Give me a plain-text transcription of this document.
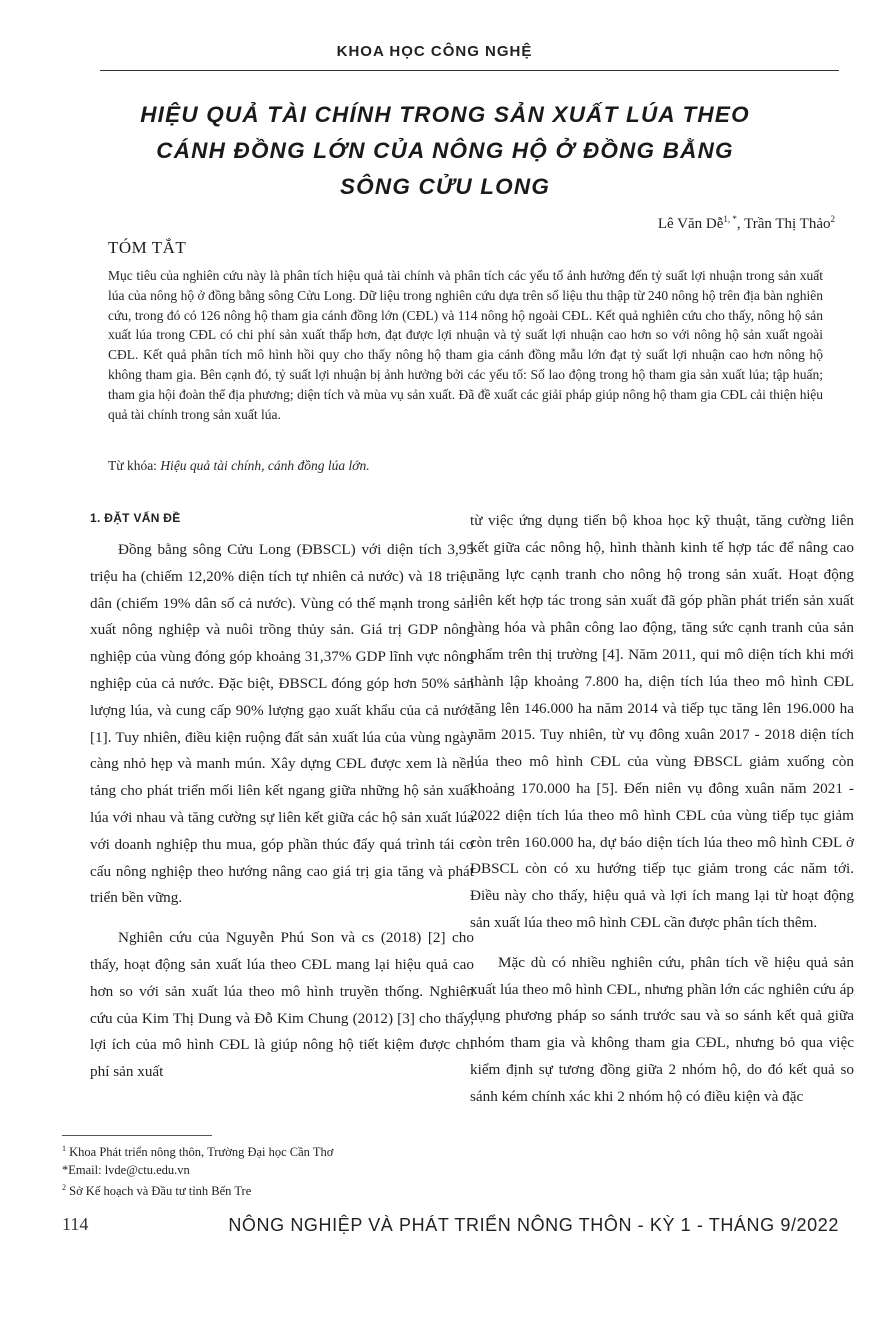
KHOA HỌC CÔNG NGHỆ
HIỆU QUẢ TÀI CHÍNH TRONG SẢN XUẤT LÚA THEO
CÁNH ĐỒNG LỚN CỦA NÔNG HỘ Ở ĐỒNG BẰNG
SÔNG CỬU LONG
Lê Văn Dễ$^{1, *}$, Trần Thị Thảo$^2$
TÓM TẮT

Mục tiêu của nghiên cứu này là phân tích hiệu quả tài chính và phân tích các yếu tố ảnh hưởng đến tỷ suất lợi nhuận trong sản xuất lúa của nông hộ ở đồng bằng sông Cửu Long. Dữ liệu trong nghiên cứu dựa trên số liệu thu thập từ 240 nông hộ trên địa bàn nghiên cứu, trong đó có 126 nông hộ tham gia cánh đồng lớn (CĐL) và 114 nông hộ ngoài CĐL. Kết quả nghiên cứu cho thấy, nông hộ sản xuất lúa trong CĐL có chi phí sản xuất thấp hơn, đạt được lợi nhuận và tỷ suất lợi nhuận cao hơn so với nông hộ sản xuất ngoài CĐL. Kết quả phân tích mô hình hồi quy cho thấy nông hộ tham gia cánh đồng mẫu lớn đạt tỷ suất lợi nhuận cao hơn nông hộ không tham gia. Bên cạnh đó, tỷ suất lợi nhuận bị ảnh hưởng bởi các yếu tố: Số lao động trong hộ tham gia sản xuất lúa; tập huấn; tham gia hội đoàn thể địa phương; diện tích và mùa vụ sản xuất. Đã đề xuất các giải pháp giúp nông hộ tham gia CĐL cải thiện hiệu quả tài chính trong sản xuất lúa.

Từ khóa: Hiệu quả tài chính, cánh đồng lúa lớn.

1. ĐẶT VẤN ĐỀ

Đồng bằng sông Cửu Long (ĐBSCL) với diện tích 3,95 triệu ha (chiếm 12,20% diện tích tự nhiên cả nước) và 18 triệu dân (chiếm 19% dân số cả nước). Vùng có thế mạnh trong sản xuất nông nghiệp và nuôi trồng thủy sản. Giá trị GDP nông nghiệp của vùng đóng góp khoảng 31,37% GDP lĩnh vực nông nghiệp của cả nước. Đặc biệt, ĐBSCL đóng góp hơn 50% sản lượng lúa, và cung cấp 90% lượng gạo xuất khẩu của cả nước [1]. Tuy nhiên, điều kiện ruộng đất sản xuất lúa của vùng ngày càng nhỏ hẹp và manh mún. Xây dựng CĐL được xem là nền tảng cho phát triển mối liên kết ngang giữa những hộ sản xuất lúa với nhau và tăng cường sự liên kết giữa các hộ sản xuất lúa với doanh nghiệp thu mua, góp phần thúc đẩy quá trình tái cơ cấu nông nghiệp theo hướng nâng cao giá trị gia tăng và phát triển bền vững.

Nghiên cứu của Nguyễn Phú Son và cs (2018) [2] cho thấy, hoạt động sản xuất lúa theo CĐL mang lại hiệu quả cao hơn so với sản xuất lúa theo mô hình truyền thống. Nghiên cứu của Kim Thị Dung và Đỗ Kim Chung (2012) [3] cho thấy, lợi ích của mô hình CĐL là giúp nông hộ tiết kiệm được chi phí sản xuất

từ việc ứng dụng tiến bộ khoa học kỹ thuật, tăng cường liên kết giữa các nông hộ, hình thành kinh tế hợp tác để nâng cao năng lực cạnh tranh cho nông hộ trong sản xuất. Hoạt động liên kết hợp tác trong sản xuất đã góp phần phát triển sản xuất hàng hóa và phân công lao động, tăng sức cạnh tranh của sản phẩm trên thị trường [4]. Năm 2011, qui mô diện tích khi mới thành lập khoảng 7.800 ha, diện tích lúa theo mô hình CĐL tăng lên 146.000 ha năm 2014 và tiếp tục tăng lên 196.000 ha năm 2015. Tuy nhiên, từ vụ đông xuân 2017 - 2018 diện tích lúa theo mô hình CĐL của vùng ĐBSCL giảm xuống còn khoảng 170.000 ha [5]. Đến niên vụ đông xuân năm 2021 - 2022 diện tích lúa theo mô hình CĐL của vùng tiếp tục giảm còn trên 160.000 ha, dự báo diện tích lúa theo mô hình CĐL ở ĐBSCL còn có xu hướng tiếp tục giảm trong các năm tới. Điều này cho thấy, hiệu quả và lợi ích mang lại từ hoạt động sản xuất lúa theo mô hình CĐL cần được phân tích thêm.

Mặc dù có nhiều nghiên cứu, phân tích về hiệu quả sản xuất lúa theo mô hình CĐL, nhưng phần lớn các nghiên cứu áp dụng phương pháp so sánh trước sau và so sánh kết quả giữa nhóm tham gia và không tham gia CĐL, nhưng bỏ qua việc kiểm định sự tương đồng giữa 2 nhóm hộ, do đó kết quả so sánh kém chính xác khi 2 nhóm hộ có điều kiện và đặc

$^1$ Khoa Phát triển nông thôn, Trường Đại học Cần Thơ
*Email: lvde@ctu.edu.vn
$^2$ Sở Kế hoạch và Đầu tư tỉnh Bến Tre
114	NÔNG NGHIỆP VÀ PHÁT TRIỂN NÔNG THÔN - KỲ 1 - THÁNG 9/2022
